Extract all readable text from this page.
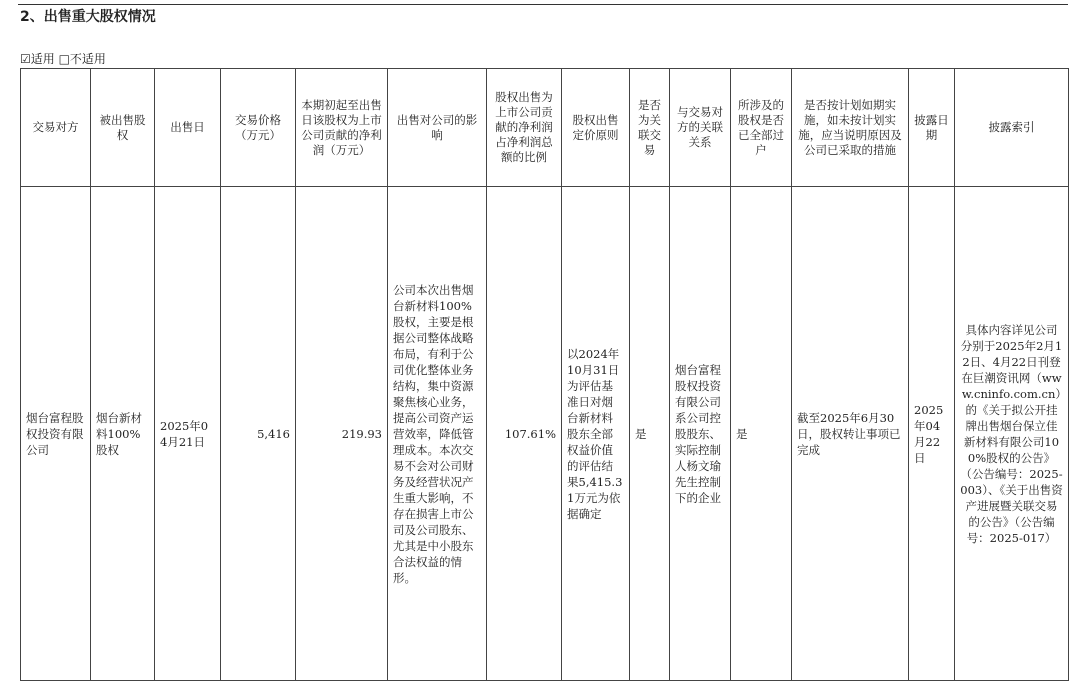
2、出售重大股权情况
☑适用 □不适用
交易对方	被出售股权	出售日	交易价格（万元）	本期初起至出售日该股权为上市公司贡献的净利润（万元）	出售对公司的影响	股权出售为上市公司贡献的净利润占净利润总额的比例	股权出售定价原则	是否为关联交易	与交易对方的关联关系	所涉及的股权是否已全部过户	是否按计划如期实施，如未按计划实施，应当说明原因及公司已采取的措施	披露日期	披露索引
烟台富程股权投资有限公司	烟台新材料100%股权	2025年04月21日	5,416	219.93	公司本次出售烟台新材料100%股权，主要是根据公司整体战略布局，有利于公司优化整体业务结构，集中资源聚焦核心业务，提高公司资产运营效率，降低管理成本。本次交易不会对公司财务及经营状况产生重大影响，不存在损害上市公司及公司股东、尤其是中小股东合法权益的情形。	107.61%	以2024年10月31日为评估基准日对烟台新材料股东全部权益价值的评估结果5,415.31万元为依据确定	是	烟台富程股权投资有限公司系公司控股股东、实际控制人杨文瑜先生控制下的企业	是	截至2025年6月30日，股权转让事项已完成	2025年04月22日	具体内容详见公司分别于2025年2月12日、4月22日刊登在巨潮资讯网（www.cninfo.com.cn）的《关于拟公开挂牌出售烟台保立佳新材料有限公司100%股权的公告》（公告编号：2025-003）、《关于出售资产进展暨关联交易的公告》（公告编号：2025-017）
